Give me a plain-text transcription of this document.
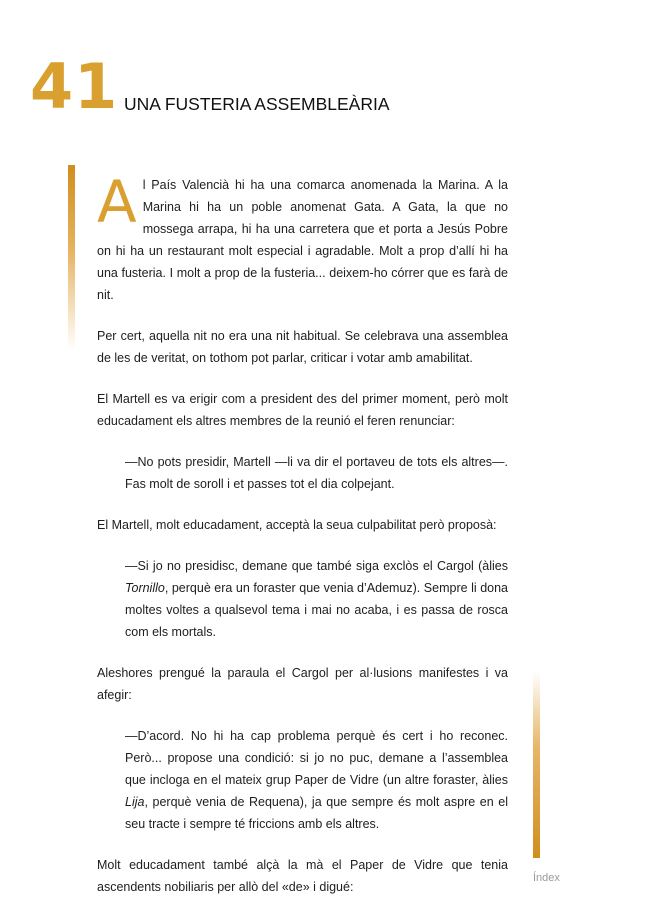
41 UNA FUSTERIA ASSEMBLEÀRIA

Al País Valencià hi ha una comarca anomenada la Marina. A la Marina hi ha un poble anomenat Gata. A Gata, la que no mossega arrapa, hi ha una carretera que et porta a Jesús Pobre on hi ha un restaurant molt especial i agradable. Molt a prop d’allí hi ha una fusteria. I molt a prop de la fusteria... deixem-ho córrer que es farà de nit.

Per cert, aquella nit no era una nit habitual. Se celebrava una assemblea de les de veritat, on tothom pot parlar, criticar i votar amb amabilitat.

El Martell es va erigir com a president des del primer moment, però molt educadament els altres membres de la reunió el feren renunciar:

—No pots presidir, Martell —li va dir el portaveu de tots els altres—. Fas molt de soroll i et passes tot el dia colpejant.

El Martell, molt educadament, acceptà la seua culpabilitat però proposà:

—Si jo no presidisc, demane que també siga exclòs el Cargol (àlies Tornillo, perquè era un foraster que venia d’Ademuz). Sempre li dona moltes voltes a qualsevol tema i mai no acaba, i es passa de rosca com els mortals.

Aleshores prengué la paraula el Cargol per al·lusions manifestes i va afegir:

—D’acord. No hi ha cap problema perquè és cert i ho reconec. Però... propose una condició: si jo no puc, demane a l’assemblea que incloga en el mateix grup Paper de Vidre (un altre foraster, àlies Lija, perquè venia de Requena), ja que sempre és molt aspre en el seu tracte i sempre té friccions amb els altres.

Molt educadament també alçà la mà el Paper de Vidre que tenia ascendents nobiliaris per allò del «de» i digué:

Índex
